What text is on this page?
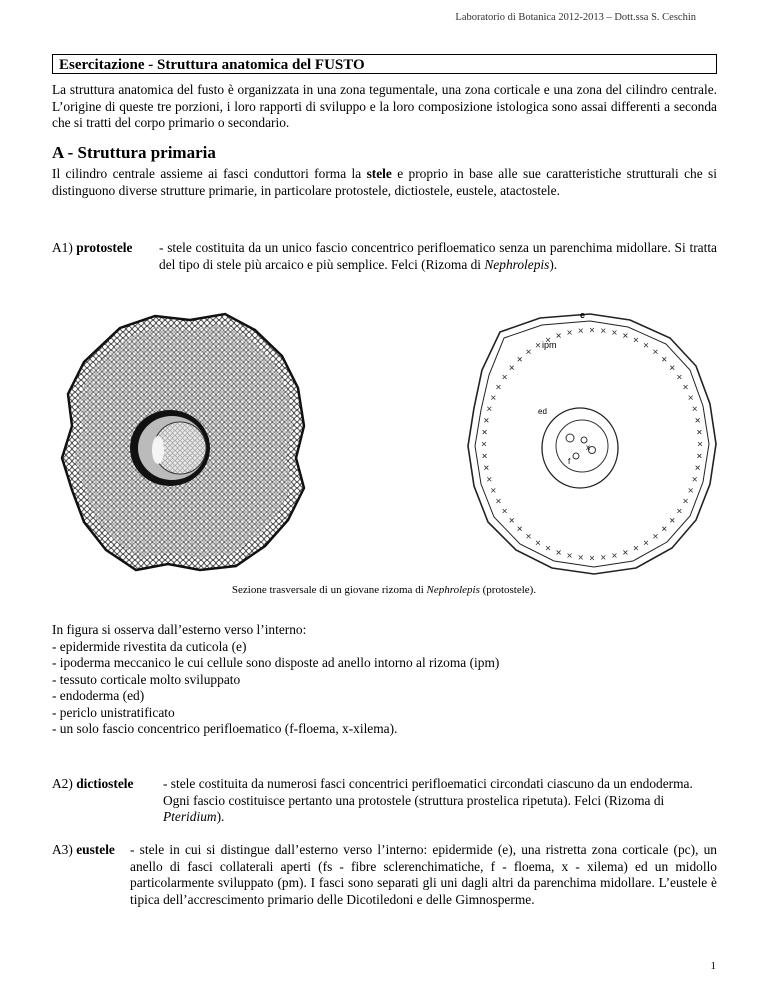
Laboratorio di Botanica 2012-2013 – Dott.ssa S. Ceschin
Esercitazione - Struttura anatomica del FUSTO

La struttura anatomica del fusto è organizzata in una zona tegumentale, una zona corticale e una zona del cilindro centrale. L’origine di queste tre porzioni, i loro rapporti di sviluppo e la loro composizione istologica sono assai differenti a seconda che si tratti del corpo primario o secondario.

A - Struttura primaria

Il cilindro centrale assieme ai fasci conduttori forma la stele e proprio in base alle sue caratteristiche strutturali che si distinguono diverse strutture primarie, in particolare protostele, dictiostele, eustele, atactostele.

A1) protostele - stele costituita da un unico fascio concentrico perifloematico senza un parenchima midollare. Si tratta del tipo di stele più arcaico e più semplice. Felci (Rizoma di Nephrolepis).
e
ipm
ed
f
x
Sezione trasversale di un giovane rizoma di Nephrolepis (protostele).
In figura si osserva dall’esterno verso l’interno:
- epidermide rivestita da cuticola (e)
- ipoderma meccanico le cui cellule sono disposte ad anello intorno al rizoma (ipm)
- tessuto corticale molto sviluppato
- endoderma (ed)
- periclo unistratificato
- un solo fascio concentrico perifloematico (f-floema, x-xilema).
A2) dictiostele	- stele costituita da numerosi fasci concentrici perifloematici circondati ciascuno da un endoderma. Ogni fascio costituisce pertanto una protostele (struttura prostelica ripetuta). Felci (Rizoma di Pteridium).
A3) eustele	- stele in cui si distingue dall’esterno verso l’interno: epidermide (e), una ristretta zona corticale (pc), un anello di fasci collaterali aperti (fs - fibre sclerenchimatiche, f - floema, x - xilema) ed un midollo particolarmente sviluppato (pm). I fasci sono separati gli uni dagli altri da parenchima midollare. L’eustele è tipica dell’accrescimento primario delle Dicotiledoni e delle Gimnosperme.
1
